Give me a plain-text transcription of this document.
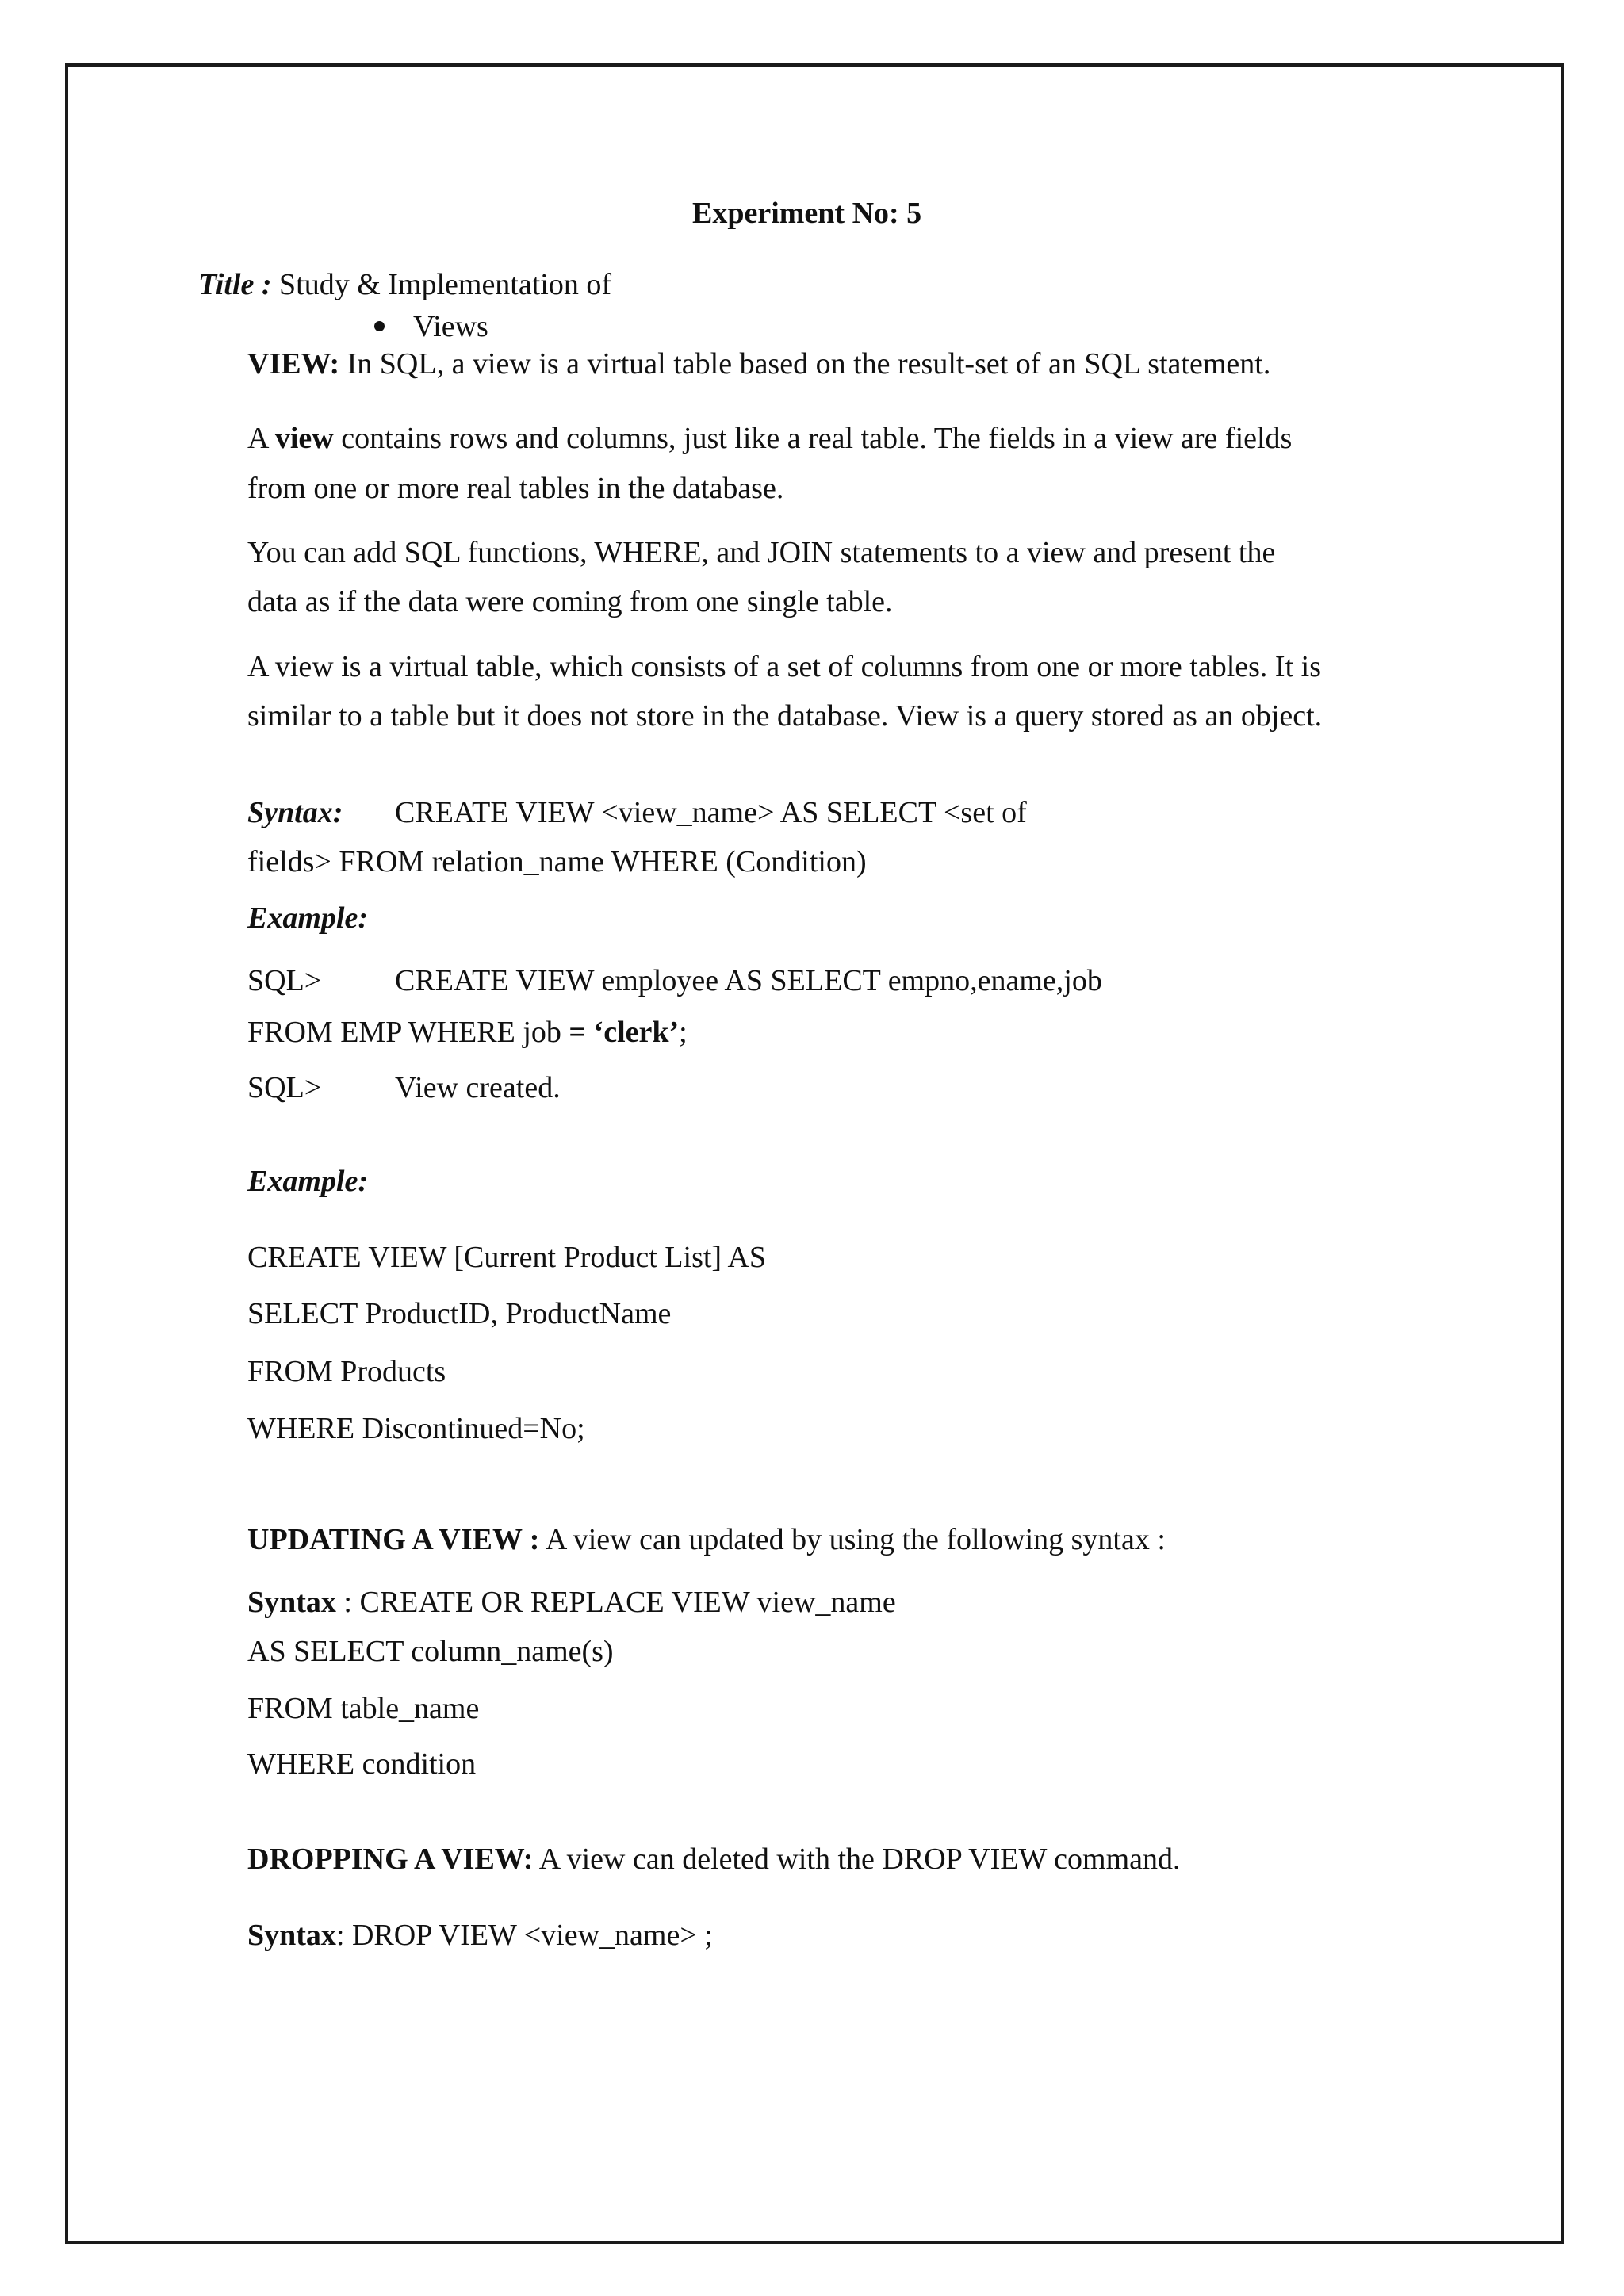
Experiment No: 5
Title : Study & Implementation of
Views
VIEW: In SQL, a view is a virtual table based on the result-set of an SQL statement.
A view contains rows and columns, just like a real table. The fields in a view are fields
from one or more real tables in the database.
You can add SQL functions, WHERE, and JOIN statements to a view and present the
data as if the data were coming from one single table.
A view is a virtual table, which consists of a set of columns from one or more tables. It is
similar to a table but it does not store in the database. View is a query stored as an object.
Syntax: CREATE VIEW <view_name> AS SELECT <set of
fields> FROM relation_name WHERE (Condition)
Example:
SQL> CREATE VIEW employee AS SELECT empno,ename,job
FROM EMP WHERE job = ‘clerk’;
SQL> View created.
Example:
CREATE VIEW [Current Product List] AS
SELECT ProductID, ProductName
FROM Products
WHERE Discontinued=No;
UPDATING A VIEW : A view can updated by using the following syntax :
Syntax : CREATE OR REPLACE VIEW view_name
AS SELECT column_name(s)
FROM table_name
WHERE condition
DROPPING A VIEW: A view can deleted with the DROP VIEW command.
Syntax: DROP VIEW <view_name> ;
